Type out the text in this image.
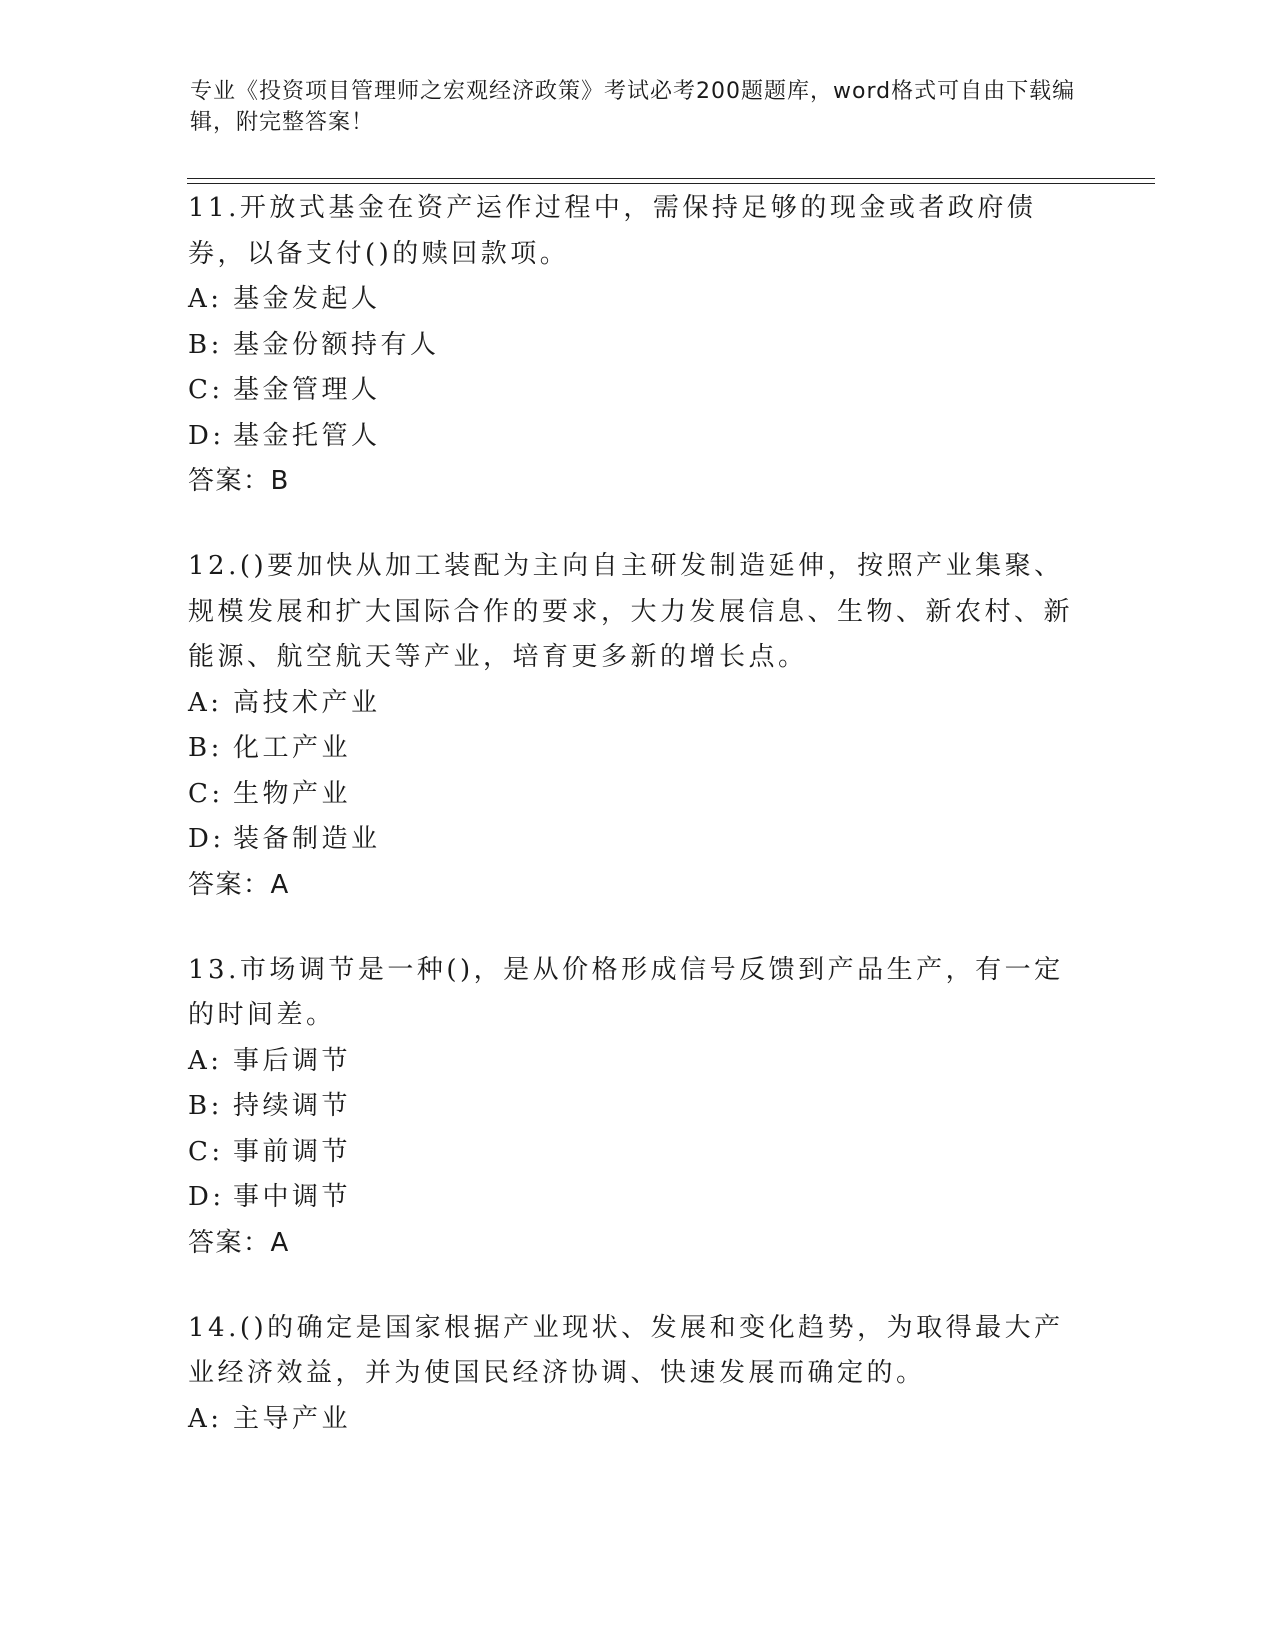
专业《投资项目管理师之宏观经济政策》考试必考200题题库，word格式可自由下载编辑，附完整答案！

11.开放式基金在资产运作过程中，需保持足够的现金或者政府债券，以备支付()的赎回款项。

A: 基金发起人

B: 基金份额持有人

C: 基金管理人

D: 基金托管人

答案：B

12.()要加快从加工装配为主向自主研发制造延伸，按照产业集聚、规模发展和扩大国际合作的要求，大力发展信息、生物、新农村、新能源、航空航天等产业，培育更多新的增长点。

A: 高技术产业

B: 化工产业

C: 生物产业

D: 装备制造业

答案：A

13.市场调节是一种()，是从价格形成信号反馈到产品生产，有一定的时间差。

A: 事后调节

B: 持续调节

C: 事前调节

D: 事中调节

答案：A

14.()的确定是国家根据产业现状、发展和变化趋势，为取得最大产业经济效益，并为使国民经济协调、快速发展而确定的。

A: 主导产业
